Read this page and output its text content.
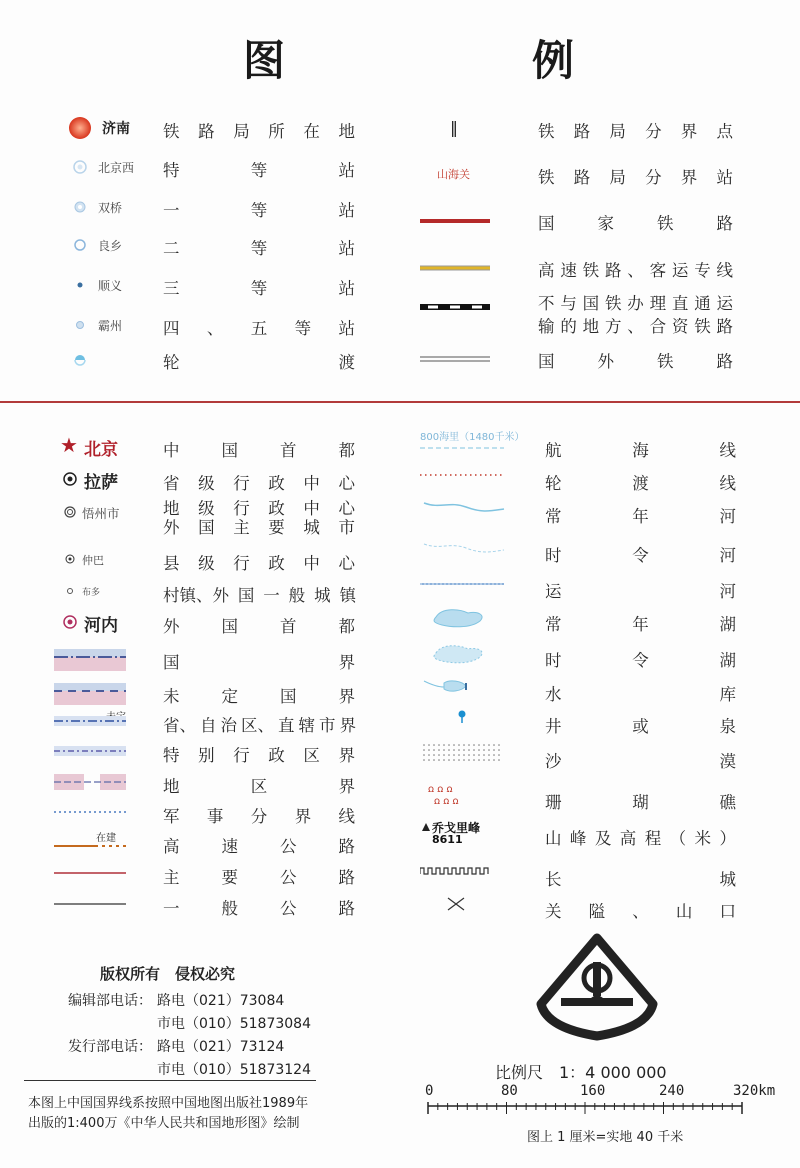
图	例
济南 铁 路 局 所 在 地
北京西 特	等	站
双桥 一	等	站
良乡 二	等	站
顺义 三	等	站
霸州 四 、 五 等 站
轮	渡
‖	铁 路 局 分 界 点
山海关	铁 路 局 分 界 站
国	家	铁	路
高 速 铁 路 、 客 运 专 线
不 与 国 铁 办 理 直 通 运
输 的 地 方 、 合 资 铁 路
国	外	铁	路
★ 北京	中 国 首 都
拉萨	省 级 行 政 中 心
悟州市	地 级 行 政 中 心
外 国 主 要 城 市
仲巴	县 级 行 政 中 心
布多	村镇、外 国 一 般 城 镇
河内	外 国 首 都
国	界
未 定 国 界
省、 自 治 区、 直 辖 市 界
特 别 行 政 区 界
地	区	界
军 事 分 界 线
在建	高 速 公 路
主 要 公 路
一 般 公 路
800海里（1480千米）
航	海	线
轮	渡	线
常	年	河
时	令	河
运	河
常	年	湖
时	令	湖
水	库
井	或	泉
沙	漠
ꭥ ꭥ ꭥ
ꭥ ꭥ ꭥ	珊	瑚	礁
乔戈里峰
8611	山 峰 及 高 程 （ 米 ）
长	城
关 隘 、 山 口
版权所有　侵权必究
编辑部电话： 路电（021）73084
市电（010）51873084
发行部电话： 路电（021）73124
市电（010）51873124
本图上中国国界线系按照中国地图出版社1989年
出版的1:400万《中华人民共和国地形图》绘制
比例尺　1：4 000 000
0	80	160	240	320km
图上 1 厘米=实地 40 千米
